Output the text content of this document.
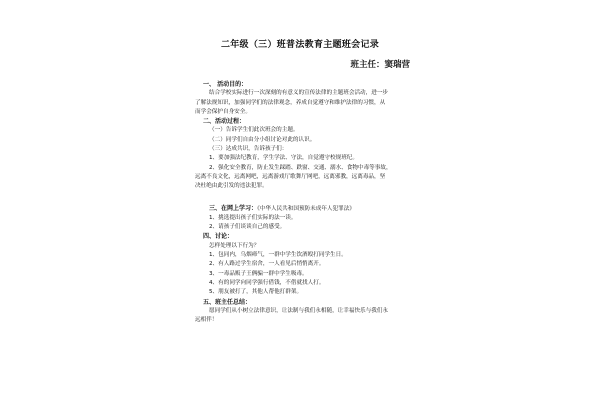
二年级（三）班普法教育主题班会记录
班主任：窦瑞营
一、 活动目的：
结合学校实际进行一次深刻的有意义的宣传法律的主题班会活动，进一步
了解法规知识，加强同学们的法律观念，养成自觉遵守和维护法律的习惯，从
而学会保护自身安全。
二、活动过程：
（一）告诉学生们此次班会的主题。
（二）同学们自由分小组讨论对此的认识。
（三）达成共识，告诉孩子们：
1、要加强法纪教育，学生学法、守法，自觉遵守校规班纪。
2、强化安全教育，防止发生踩踏、跌窗、交通、溺水、食物中毒等事故，
远离不良文化，远离网吧，远离游戏厅歌舞厅网吧，远离邪教，远离毒品，坚
决杜绝由此引发的违法犯罪。
三、在网上学习：《中华人民共和国预防未成年人犯罪法》
1、挑选提出孩子们实际的法一读。
2、请孩子们谈谈自己的感受。
四、讨论：
怎样处理以下行为？
1、包同内，乌烟瘴气，一群中学生饮酒殴打同学生日。
2、有人路过学生宿舍，一人看见后悄悄离开。
3、一毒品贩子王俩骗一群中学生吸毒。
4、有的同学向同学强行借钱，不借就找人打。
5、朋友被打了，其他人帮他打群架。
五、班主任总结：
愿同学们从小树立法律意识，让法制与我们永相随，让幸福快乐与我们永
远相伴！
